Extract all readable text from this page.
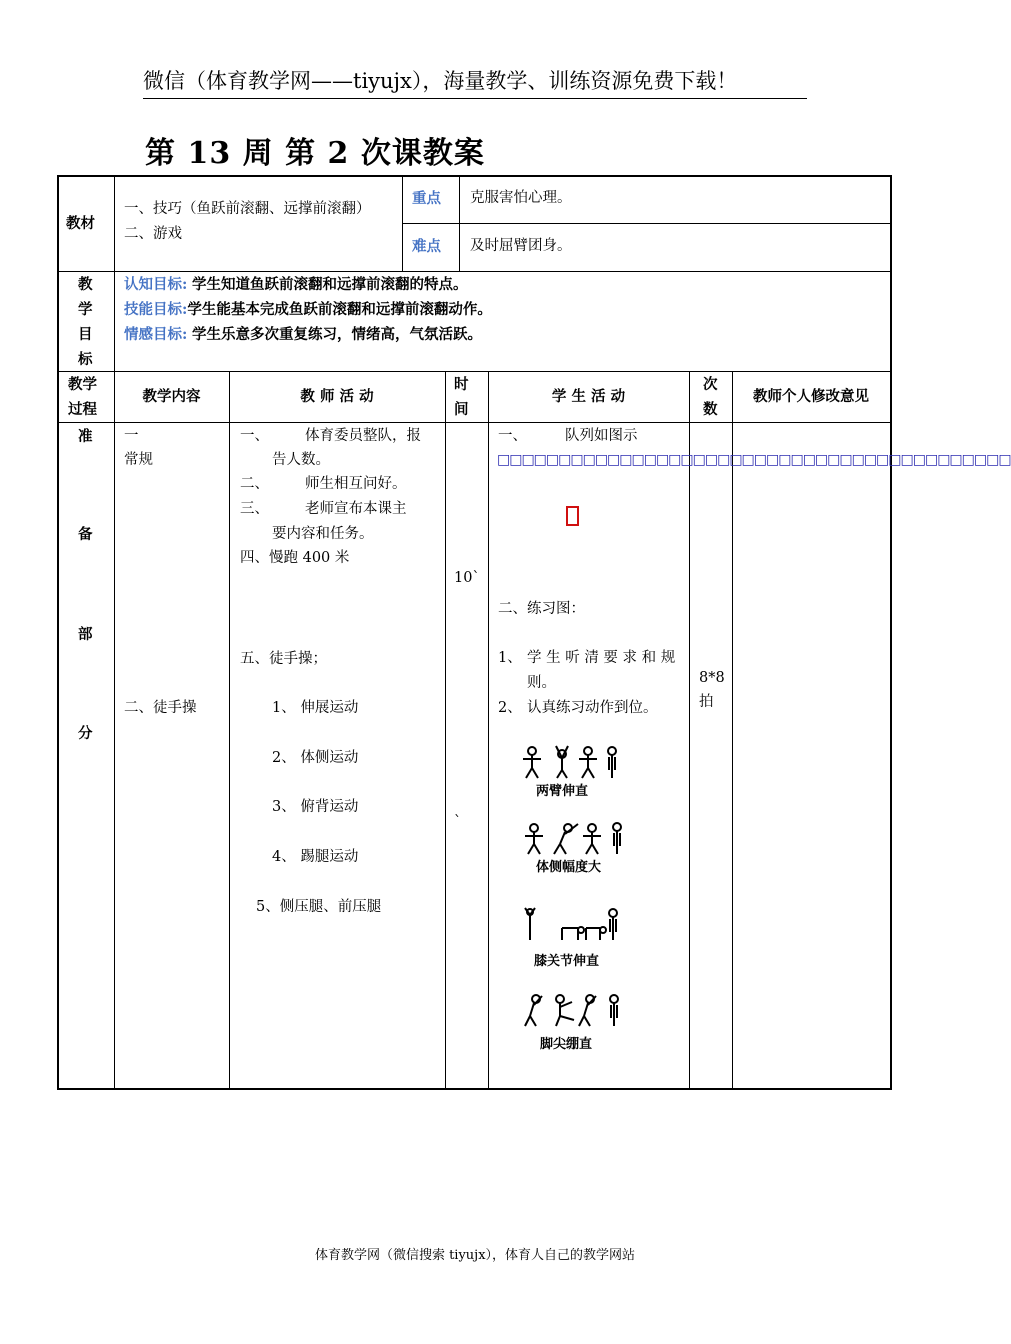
微信（体育教学网——tiyujx），海量教学、训练资源免费下载！
第 13 周 第 2 次课教案
教材
一、技巧（鱼跃前滚翻、远撑前滚翻）
二、游戏
重点 克服害怕心理。
难点 及时屈臂团身。
教
学
目
标
认知目标: 学生知道鱼跃前滚翻和远撑前滚翻的特点。
技能目标:学生能基本完成鱼跃前滚翻和远撑前滚翻动作。
情感目标: 学生乐意多次重复练习，情绪高，气氛活跃。
教学
过程
教学内容	教 师 活 动
时
间
学 生 活 动
次
数
教师个人修改意见
准
备
部
分
一
常规
二、徒手操
一、 体育委员整队，报
告人数。
二、 师生相互问好。
三、 老师宣布本课主
要内容和任务。
四、慢跑 400 米
五、徒手操；
1、 伸展运动
2、 体侧运动
3、 俯背运动
4、 踢腿运动
5、侧压腿、前压腿
10`
`
一、	队列如图示
□□□□□□□□□□□□□□□□□□□□□□□□□□□□□□□□□□□□□□□□□□
二、练习图：
1、 学 生 听 清 要 求 和 规
则。
2、 认真练习动作到位。
两臂伸直
体侧幅度大
膝关节伸直
脚尖绷直
8*8
拍
体育教学网（微信搜索 tiyujx），体育人自己的教学网站
